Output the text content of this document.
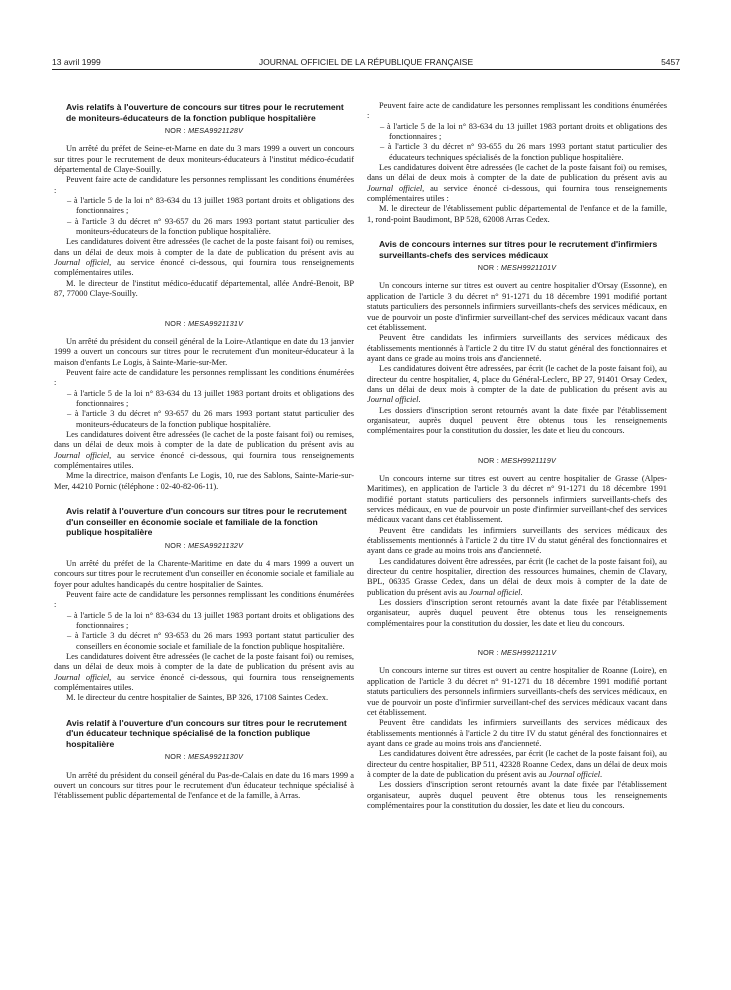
13 avril 1999	JOURNAL OFFICIEL DE LA RÉPUBLIQUE FRANÇAISE	5457
Avis relatifs à l'ouverture de concours sur titres pour le recrutement de moniteurs-éducateurs de la fonction publique hospitalière
NOR : MESA9921128V

Un arrêté du préfet de Seine-et-Marne en date du 3 mars 1999 a ouvert un concours sur titres pour le recrutement de deux moniteurs-éducateurs à l'institut médico-écudatif départemental de Claye-Souilly.

Peuvent faire acte de candidature les personnes remplissant les conditions énumérées :

– à l'article 5 de la loi n° 83-634 du 13 juillet 1983 portant droits et obligations des fonctionnaires ;
– à l'article 3 du décret n° 93-657 du 26 mars 1993 portant statut particulier des moniteurs-éducateurs de la fonction publique hospitalière.

Les candidatures doivent être adressées (le cachet de la poste faisant foi) ou remises, dans un délai de deux mois à compter de la date de publication du présent avis au Journal officiel, au service énoncé ci-dessous, qui fournira tous renseignements complémentaires utiles.

M. le directeur de l'institut médico-éducatif départemental, allée André-Benoit, BP 87, 77000 Claye-Souilly.

NOR : MESA9921131V

Un arrêté du président du conseil général de la Loire-Atlantique en date du 13 janvier 1999 a ouvert un concours sur titres pour le recrutement d'un moniteur-éducateur à la maison d'enfants Le Logis, à Sainte-Marie-sur-Mer.

Peuvent faire acte de candidature les personnes remplissant les conditions énumérées :

– à l'article 5 de la loi n° 83-634 du 13 juillet 1983 portant droits et obligations des fonctionnaires ;
– à l'article 3 du décret n° 93-657 du 26 mars 1993 portant statut particulier des moniteurs-éducateurs de la fonction publique hospitalière.

Les candidatures doivent être adressées (le cachet de la poste faisant foi) ou remises, dans un délai de deux mois à compter de la date de publication du présent avis au Journal officiel, au service énoncé ci-dessous, qui fournira tous renseignements complémentaires utiles.

Mme la directrice, maison d'enfants Le Logis, 10, rue des Sablons, Sainte-Marie-sur-Mer, 44210 Pornic (téléphone : 02-40-82-06-11).

Avis relatif à l'ouverture d'un concours sur titres pour le recrutement d'un conseiller en économie sociale et familiale de la fonction publique hospitalière
NOR : MESA9921132V

Un arrêté du préfet de la Charente-Maritime en date du 4 mars 1999 a ouvert un concours sur titres pour le recrutement d'un conseiller en économie sociale et familiale au foyer pour adultes handicapés du centre hospitalier de Saintes.

Peuvent faire acte de candidature les personnes remplissant les conditions énumérées :

– à l'article 5 de la loi n° 83-634 du 13 juillet 1983 portant droits et obligations des fonctionnaires ;
– à l'article 3 du décret n° 93-653 du 26 mars 1993 portant statut particulier des conseillers en économie sociale et familiale de la fonction publique hospitalière.

Les candidatures doivent être adressées (le cachet de la poste faisant foi) ou remises, dans un délai de deux mois à compter de la date de publication du présent avis au Journal officiel, au service énoncé ci-dessous, qui fournira tous renseignements complémentaires utiles.

M. le directeur du centre hospitalier de Saintes, BP 326, 17108 Saintes Cedex.

Avis relatif à l'ouverture d'un concours sur titres pour le recrutement d'un éducateur technique spécialisé de la fonction publique hospitalière
NOR : MESA9921130V

Un arrêté du président du conseil général du Pas-de-Calais en date du 16 mars 1999 a ouvert un concours sur titres pour le recrutement d'un éducateur technique spécialisé à l'établissement public départemental de l'enfance et de la famille, à Arras.

Peuvent faire acte de candidature les personnes remplissant les conditions énumérées :

– à l'article 5 de la loi n° 83-634 du 13 juillet 1983 portant droits et obligations des fonctionnaires ;
– à l'article 3 du décret n° 93-655 du 26 mars 1993 portant statut particulier des éducateurs techniques spécialisés de la fonction publique hospitalière.

Les candidatures doivent être adressées (le cachet de la poste faisant foi) ou remises, dans un délai de deux mois à compter de la date de publication du présent avis au Journal officiel, au service énoncé ci-dessous, qui fournira tous renseignements complémentaires utiles :

M. le directeur de l'établissement public départemental de l'enfance et de la famille, 1, rond-point Baudimont, BP 528, 62008 Arras Cedex.

Avis de concours internes sur titres pour le recrutement d'infirmiers surveillants-chefs des services médicaux
NOR : MESH9921101V

Un concours interne sur titres est ouvert au centre hospitalier d'Orsay (Essonne), en application de l'article 3 du décret n° 91-1271 du 18 décembre 1991 modifié portant statuts particuliers des personnels infirmiers surveillants-chefs des services médicaux, en vue de pourvoir un poste d'infirmier surveillant-chef des services médicaux vacant dans cet établissement.

Peuvent être candidats les infirmiers surveillants des services médicaux des établissements mentionnés à l'article 2 du titre IV du statut général des fonctionnaires et ayant dans ce grade au moins trois ans d'ancienneté.

Les candidatures doivent être adressées, par écrit (le cachet de la poste faisant foi), au directeur du centre hospitalier, 4, place du Général-Leclerc, BP 27, 91401 Orsay Cedex, dans un délai de deux mois à compter de la date de publication du présent avis au Journal officiel.

Les dossiers d'inscription seront retournés avant la date fixée par l'établissement organisateur, auprès duquel peuvent être obtenus tous les renseignements complémentaires pour la constitution du dossier, les date et lieu du concours.

NOR : MESH9921119V

Un concours interne sur titres est ouvert au centre hospitalier de Grasse (Alpes-Maritimes), en application de l'article 3 du décret n° 91-1271 du 18 décembre 1991 modifié portant statuts particuliers des personnels infirmiers surveillants-chefs des services médicaux, en vue de pourvoir un poste d'infirmier surveillant-chef des services médicaux vacant dans cet établissement.

Peuvent être candidats les infirmiers surveillants des services médicaux des établissements mentionnés à l'article 2 du titre IV du statut général des fonctionnaires et ayant dans ce grade au moins trois ans d'ancienneté.

Les candidatures doivent être adressées, par écrit (le cachet de la poste faisant foi), au directeur du centre hospitalier, direction des ressources humaines, chemin de Clavary, BPL, 06335 Grasse Cedex, dans un délai de deux mois à compter de la date de publication du présent avis au Journal officiel.

Les dossiers d'inscription seront retournés avant la date fixée par l'établissement organisateur, auprès duquel peuvent être obtenus tous les renseignements complémentaires pour la constitution du dossier, les date et lieu du concours.

NOR : MESH9921121V

Un concours interne sur titres est ouvert au centre hospitalier de Roanne (Loire), en application de l'article 3 du décret n° 91-1271 du 18 décembre 1991 modifié portant statuts particuliers des personnels infirmiers surveillants-chefs des services médicaux, en vue de pourvoir un poste d'infirmier surveillant-chef des services médicaux vacant dans cet établissement.

Peuvent être candidats les infirmiers surveillants des services médicaux des établissements mentionnés à l'article 2 du titre IV du statut général des fonctionnaires et ayant dans ce grade au moins trois ans d'ancienneté.

Les candidatures doivent être adressées, par écrit (le cachet de la poste faisant foi), au directeur du centre hospitalier, BP 511, 42328 Roanne Cedex, dans un délai de deux mois à compter de la date de publication du présent avis au Journal officiel.

Les dossiers d'inscription seront retournés avant la date fixée par l'établissement organisateur, auprès duquel peuvent être obtenus tous les renseignements complémentaires pour la constitution du dossier, les date et lieu du concours.
